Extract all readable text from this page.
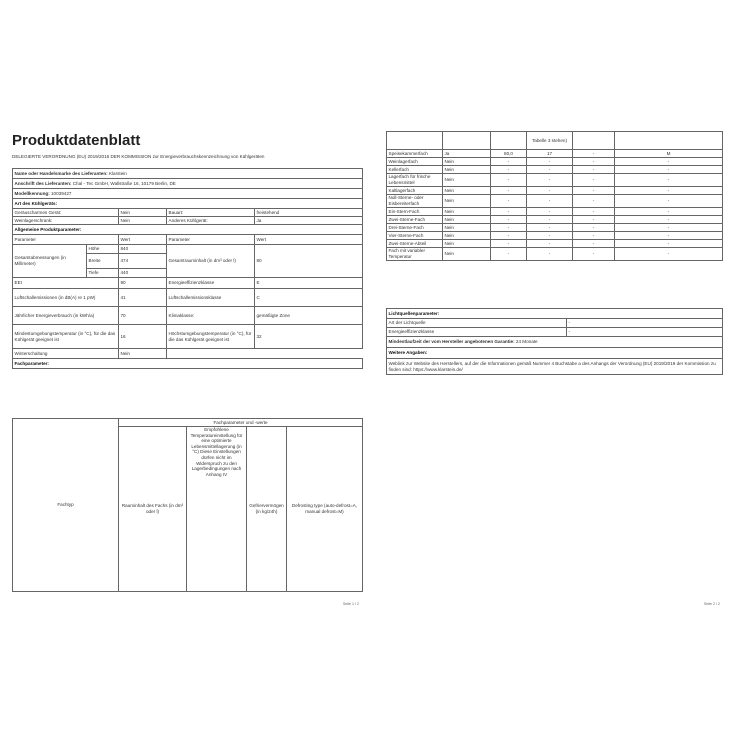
Produktdatenblatt
DELEGIERTE VERORDNUNG (EU) 2019/2016 DER KOMMISSION zur Energieverbrauchskennzeichnung von Kühlgeräten
Name oder Handelsmarke des Lieferanten: Klarstein				
Anschrift des Lieferanten: Chal - Tec GmbH, Wallstraße 16, 10179 Berlin, DE				
Modellkennung: 10039427				
Art des Kühlgeräts:				
Geräuscharmes Gerät:		Nein	Bauart:	freistehend
Weinlagerschrank:		Nein	Anderes Kühlgerät:	Ja
Allgemeine Produktparameter:				
Parameter		Wert	Parameter	Wert
Gesamtabmessungen (in Millimeter)	Höhe	840	Gesamtrauminhalt (in dm³ oder l)	80
	Breite	474		
	Tiefe	440		
EEI		90	Energieeffizienzklasse	E
Luftschallemissionen (in dB(A) re 1 pW)		41	Luftschallemissionsklasse	C
Jährlicher Energieverbrauch (in kWh/a)		70	Klimaklasse:	gemäßigte Zone
Mindestumgebungstemperatur (in °C), für die das Kühlgerät geeignet ist		16	Höchstumgebungstemperatur (in °C), für die das Kühlgerät geeignet ist	32
Winterschaltung		Nein		
Fachparameter:				
Fachtyp	Fachparameter und -werte			
	Rauminhalt des Fachs (in dm³ oder l)	Empfohlene Temperatureinstellung für eine optimierte Lebensmittellagerung (in °C) Diese Einstellungen dürfen nicht im Widerspruch zu den Lagerbedingungen nach Anhang IV	Gefriervermögen (in kg/24h)	Defrosting type (auto-defrost=A, manual defrost=M)
Seite 1 / 2
			Tabelle 3 stehen)		
Speisekammerfach	Ja	80,0	17	-	M
Weinlagerfach	Nein	-	-	-	-
Kellerfach	Nein	-	-	-	-
Lagerfach für frische Lebensmittel	Nein	-	-	-	-
Kaltlagerfach	Nein	-	-	-	-
Null-Sterne- oder Eisbereiterfach	Nein	-	-	-	-
Ein-Stern-Fach	Nein	-	-	-	-
Zwei-Sterne-Fach	Nein	-	-	-	-
Drei-Sterne-Fach	Nein	-	-	-	-
Vier-Sterne-Fach	Nein	-	-	-	-
Zwei-Sterne-Abteil	Nein	-	-	-	-
Fach mit variabler Temperatur	Nein	-	-	-	-
Lichtquellenparameter:	
Art der Lichtquelle	-
Energieeffizienzklasse	-
Mindestlaufzeit der vom Hersteller angebotenen Garantie: 24 Monate	
Weitere Angaben:	
Weblink zur Website des Herstellers, auf der die Informationen gemäß Nummer 4 Buchstabe a des Anhangs der Verordnung (EU) 2019/2019 der Kommission zu finden sind: https://www.klarstein.de/	
Seite 2 / 2
